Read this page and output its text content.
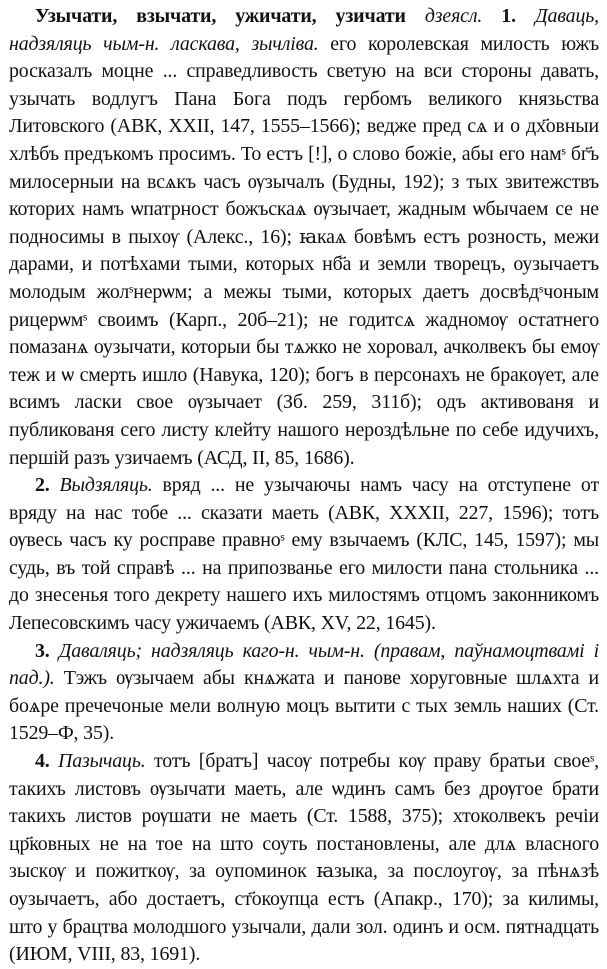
Узычати, взычати, ужичати, узичати дзеясл. 1. Даваць, надзяляць чым-н. ласкава, зычліва. его королевская милость южъ росказалъ моцне ... справедливость светую на вси стороны давать, узычать водлугъ Пана Бога подъ гербомъ великого князьства Литовского (АВК, XXII, 147, 1555–1566); ведже пред сѧ и о дх҃овныи хлѣбъ предъкомъ просимъ. То естъ [!], о слово божіе, абы его намˢ бг҃ъ милосерныи на всѧкъ часъ ѹзычалъ (Будны, 192); з тых звитежствъ которих намъ ѡпатрност божъскаѧ ѹзычает, жадным ѡбычаем се не подносимы в пыхѹ (Алекс., 16); ꙗкаѧ бовѣмъ естъ розность, межи дарами, и потѣхами тыми, которых нб҃а и земли творецъ, оузычаетъ молодым жолˢнерѡм; а межы тыми, которых даетъ досвѣдˢчоным рицерѡмˢ своимъ (Карп., 20б–21); не годитсѧ жадномѹ остатнего помазанѧ оузычати, которыи бы тѧжко не хоровал, ачколвекъ бы емѹ теж и ѡ смерть ишло (Навука, 120); богъ в персонахъ не бракѹет, але всимъ ласки свое ѹзычает (Зб. 259, 311б); одъ активованя и публикованя сего листу клейту нашого нероздѣльне по себе идучихъ, першій разъ узичаемъ (АСД, II, 85, 1686).

2. Выдзяляць. вряд ... не узычаючы намъ часу на отступене от вряду на нас тобе ... сказати маеть (АВК, XXXII, 227, 1596); тотъ ѹвесь часъ ку росправе правноˢ ему взычаемъ (КЛС, 145, 1597); мы судь, въ той справѣ ... на припозванье его милости пана стольника ... до знесенья того декрету нашего ихъ милостямъ отцомъ законникомъ Лепесовскимъ часу ужичаемъ (АВК, XV, 22, 1645).

3. Даваляць; надзяляць каго-н. чым-н. (правам, паўнамоцтвамі і пад.). Тэжъ ѹзычаем абы кнѧжата и панове хоруговные шлѧхта и боѧре пречечоные мели волную моцъ вытити с тых земль наших (Ст. 1529–Ф, 35).

4. Пазычаць. тотъ [братъ] часѹ потребы кѹ праву братьи своеˢ, такихъ листовъ ѹзычати маеть, але ѡдинъ самъ без дрѹгое брати такихъ листов рѹшати не маеть (Ст. 1588, 375); хтоколвекъ речіи цр҃ковных не на тое на што соуть постановлены, але длѧ власного зыскѹ и пожиткѹ, за оупоминок ꙗзыка, за послоугѹ, за пѣнѧзѣ оузычаетъ, або достаетъ, ст҃окоупца естъ (Апакр., 170); за килимы, што у брацтва молодшого узычали, дали зол. одинъ и осм. пятнадцать (ИЮМ, VIII, 83, 1691).
